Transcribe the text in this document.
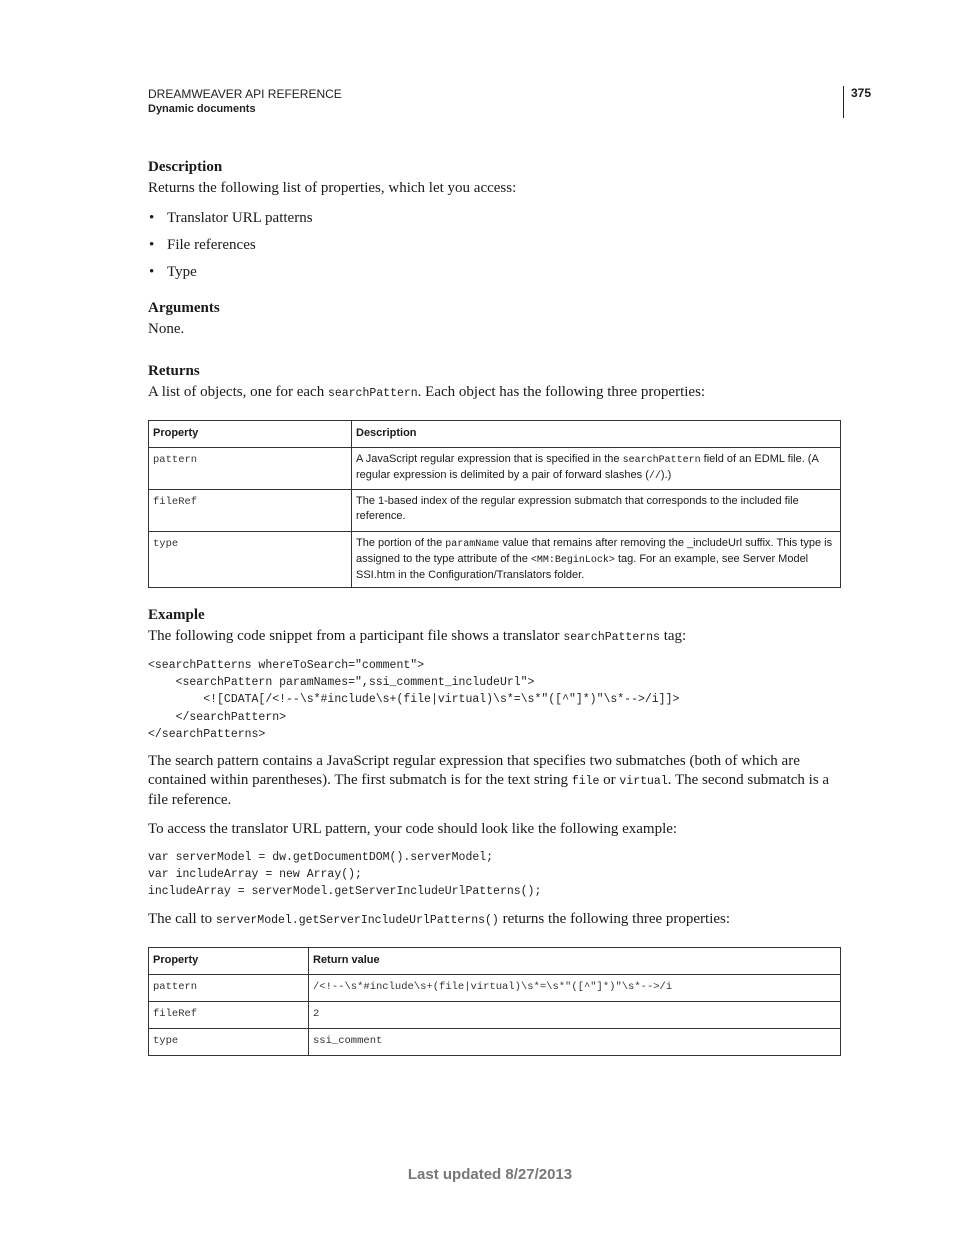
DREAMWEAVER API REFERENCE
Dynamic documents
375
Description

Returns the following list of properties, which let you access:

• Translator URL patterns
• File references
• Type
Arguments

None.

Returns

A list of objects, one for each searchPattern. Each object has the following three properties:

Property	Description
pattern	A JavaScript regular expression that is specified in the searchPattern field of an EDML file. (A regular expression is delimited by a pair of forward slashes (//).)
fileRef	The 1-based index of the regular expression submatch that corresponds to the included file reference.
type	The portion of the paramName value that remains after removing the _includeUrl suffix. This type is assigned to the type attribute of the <MM:BeginLock> tag. For an example, see Server Model SSI.htm in the Configuration/Translators folder.
Example

The following code snippet from a participant file shows a translator searchPatterns tag:

<searchPatterns whereToSearch="comment">
<searchPattern paramNames=",ssi_comment_includeUrl">
<![CDATA[/<!--\s*#include\s+(file|virtual)\s*=\s*"([^"]*)"\s*-->/i]]>
</searchPattern>
</searchPatterns>

The search pattern contains a JavaScript regular expression that specifies two submatches (both of which are contained within parentheses). The first submatch is for the text string file or virtual. The second submatch is a file reference.

To access the translator URL pattern, your code should look like the following example:

var serverModel = dw.getDocumentDOM().serverModel;
var includeArray = new Array();
includeArray = serverModel.getServerIncludeUrlPatterns();

The call to serverModel.getServerIncludeUrlPatterns() returns the following three properties:

Property	Return value
pattern	/<!--\s*#include\s+(file|virtual)\s*=\s*"([^"]*)"\s*-->/i
fileRef	2
type	ssi_comment
Last updated 8/27/2013
